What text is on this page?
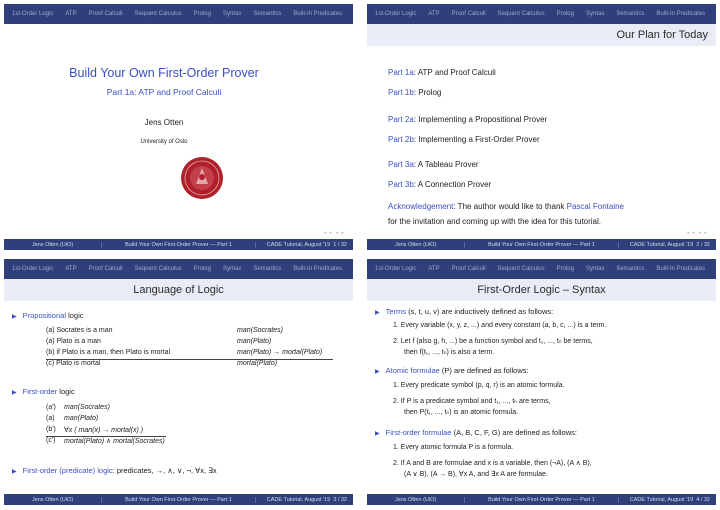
1st-Order Logic ATP Proof Calculi Sequent Calculus Prolog Syntax Semantics Built-In Predicates
Build Your Own First-Order Prover
Part 1a: ATP and Proof Calculi
Jens Otten
University of Oslo
◂ ▸ ◂ ▸
Jens Otten (UiO)	Build Your Own First-Order Prover — Part 1	CADE Tutorial, August '19 1 / 32
1st-Order Logic ATP Proof Calculi Sequent Calculus Prolog Syntax Semantics Built-In Predicates
Our Plan for Today
Part 1a: ATP and Proof Calculi
Part 1b: Prolog
Part 2a: Implementing a Propositional Prover
Part 2b: Implementing a First-Order Prover
Part 3a: A Tableau Prover
Part 3b: A Connection Prover
Acknowledgement: The author would like to thank Pascal Fontaine
for the invitation and coming up with the idea for this tutorial.
◂ ▸ ◂ ▸
Jens Otten (UiO)	Build Your Own First-Order Prover — Part 1	CADE Tutorial, August '19 2 / 32
1st-Order Logic ATP Proof Calculi Sequent Calculus Prolog Syntax Semantics Built-In Predicates
Language of Logic
▶ Propositional logic
(a) Socrates is a man	man(Socrates)
(a) Plato is a man	man(Plato)
(b) if Plato is a man, then Plato is mortal	man(Plato) → mortal(Plato)
(c) Plato is mortal	mortal(Plato)
▶ First-order logic
(a') man(Socrates)
(a) man(Plato)
(b') ∀x ( man(x) → mortal(x) )
(c') mortal(Plato) ∧ mortal(Socrates)
▶ First-order (predicate) logic: predicates, →, ∧, ∨, ¬, ∀x, ∃x
Jens Otten (UiO)	Build Your Own First-Order Prover — Part 1	CADE Tutorial, August '19 3 / 32
1st-Order Logic ATP Proof Calculi Sequent Calculus Prolog Syntax Semantics Built-In Predicates
First-Order Logic – Syntax
▶ Terms (s, t, u, v) are inductively defined as follows:
1. Every variable (x, y, z, ...) and every constant (a, b, c, ...) is a term.
2. Let f (also g, h, ...) be a function symbol and t₁, ..., tₙ be terms,
then f(t₁, ..., tₙ) is also a term.
▶ Atomic formulae (P) are defined as follows:
1. Every predicate symbol (p, q, r) is an atomic formula.
2. If P is a predicate symbol and t₁, ..., tₙ are terms,
then P(t₁, ..., tₙ) is an atomic formula.
▶ First-order formulae (A, B, C, F, G) are defined as follows:
1. Every atomic formula P is a formula.
2. If A and B are formulae and x is a variable, then (¬A), (A ∧ B),
(A ∨ B), (A → B), ∀x A, and ∃x A are formulae.
Jens Otten (UiO)	Build Your Own First-Order Prover — Part 1	CADE Tutorial, August '19 4 / 32
